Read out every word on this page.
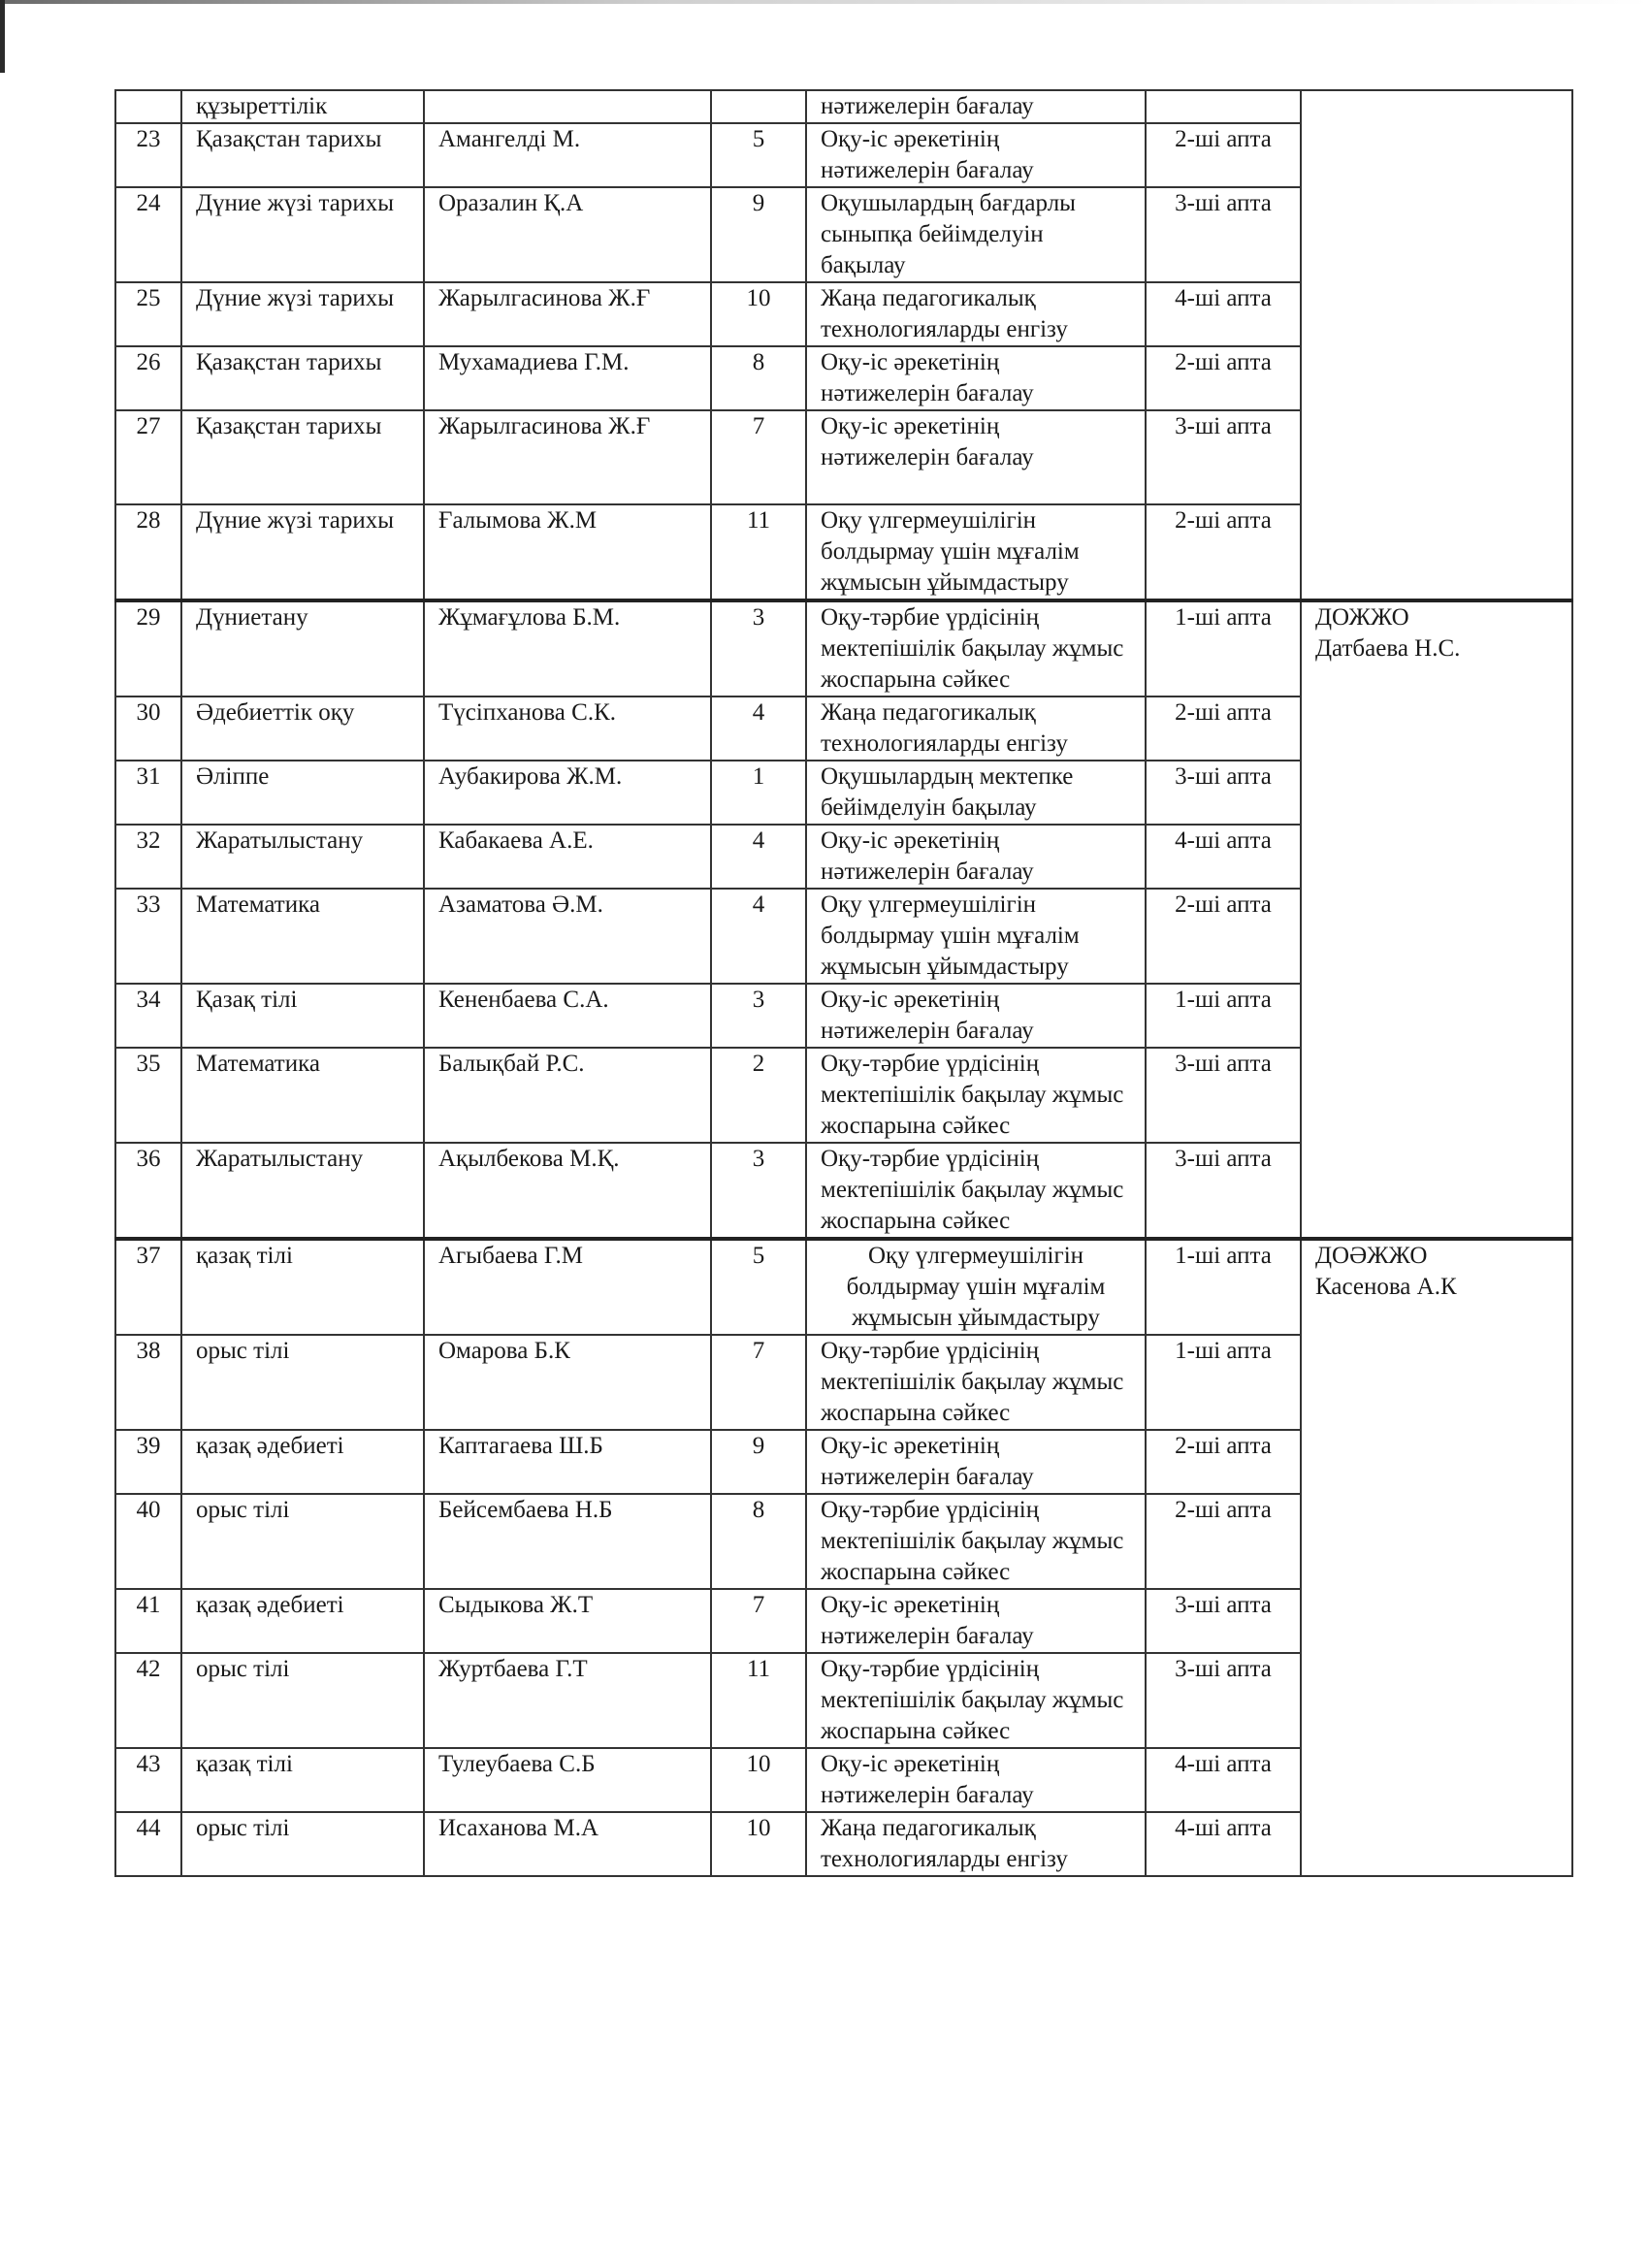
	құзыреттілік			нәтижелерін бағалау		
23	Қазақстан тарихы	Амангелді М.	5	Оқу-іс әрекетінің нәтижелерін бағалау	2-ші апта	
24	Дүние жүзі тарихы	Оразалин Қ.А	9	Оқушылардың бағдарлы сыныпқа бейімделуін бақылау	3-ші апта	
25	Дүние жүзі тарихы	Жарылгасинова Ж.Ғ	10	Жаңа педагогикалық технологияларды енгізу	4-ші апта	
26	Қазақстан тарихы	Мухамадиева Г.М.	8	Оқу-іс әрекетінің нәтижелерін бағалау	2-ші апта	
27	Қазақстан тарихы	Жарылгасинова Ж.Ғ	7	Оқу-іс әрекетінің нәтижелерін бағалау	3-ші апта	
28	Дүние жүзі тарихы	Ғалымова Ж.М	11	Оқу үлгермеушілігін болдырмау үшін мұғалім жұмысын ұйымдастыру	2-ші апта	
29	Дүниетану	Жұмағұлова Б.М.	3	Оқу-тәрбие үрдісінің мектепішілік бақылау жұмыс жоспарына сәйкес	1-ші апта	ДОЖЖО
Датбаева Н.С.

30	Әдебиеттік оқу	Түсіпханова С.К.	4	Жаңа педагогикалық технологияларды енгізу	2-ші апта	
31	Әліппе	Аубакирова Ж.М.	1	Оқушылардың мектепке бейімделуін бақылау	3-ші апта	
32	Жаратылыстану	Кабакаева А.Е.	4	Оқу-іс әрекетінің нәтижелерін бағалау	4-ші апта	
33	Математика	Азаматова Ә.М.	4	Оқу үлгермеушілігін болдырмау үшін мұғалім жұмысын ұйымдастыру	2-ші апта	
34	Қазақ тілі	Кененбаева С.А.	3	Оқу-іс әрекетінің нәтижелерін бағалау	1-ші апта	
35	Математика	Балықбай Р.С.	2	Оқу-тәрбие үрдісінің мектепішілік бақылау жұмыс жоспарына сәйкес	3-ші апта	
36	Жаратылыстану	Ақылбекова М.Қ.	3	Оқу-тәрбие үрдісінің мектепішілік бақылау жұмыс жоспарына сәйкес	3-ші апта	
37	қазақ тілі	Агыбаева Г.М	5	Оқу үлгермеушілігін болдырмау үшін мұғалім жұмысын ұйымдастыру	1-ші апта	ДОӘЖЖО
Касенова А.К

38	орыс тілі	Омарова Б.К	7	Оқу-тәрбие үрдісінің мектепішілік бақылау жұмыс жоспарына сәйкес	1-ші апта	
39	қазақ әдебиеті	Каптагаева Ш.Б	9	Оқу-іс әрекетінің нәтижелерін бағалау	2-ші апта	
40	орыс тілі	Бейсембаева Н.Б	8	Оқу-тәрбие үрдісінің мектепішілік бақылау жұмыс жоспарына сәйкес	2-ші апта	
41	қазақ әдебиеті	Сыдыкова Ж.Т	7	Оқу-іс әрекетінің нәтижелерін бағалау	3-ші апта	
42	орыс тілі	Журтбаева Г.Т	11	Оқу-тәрбие үрдісінің мектепішілік бақылау жұмыс жоспарына сәйкес	3-ші апта	
43	қазақ тілі	Тулеубаева С.Б	10	Оқу-іс әрекетінің нәтижелерін бағалау	4-ші апта	
44	орыс тілі	Исаханова М.А	10	Жаңа педагогикалық технологияларды енгізу	4-ші апта	
